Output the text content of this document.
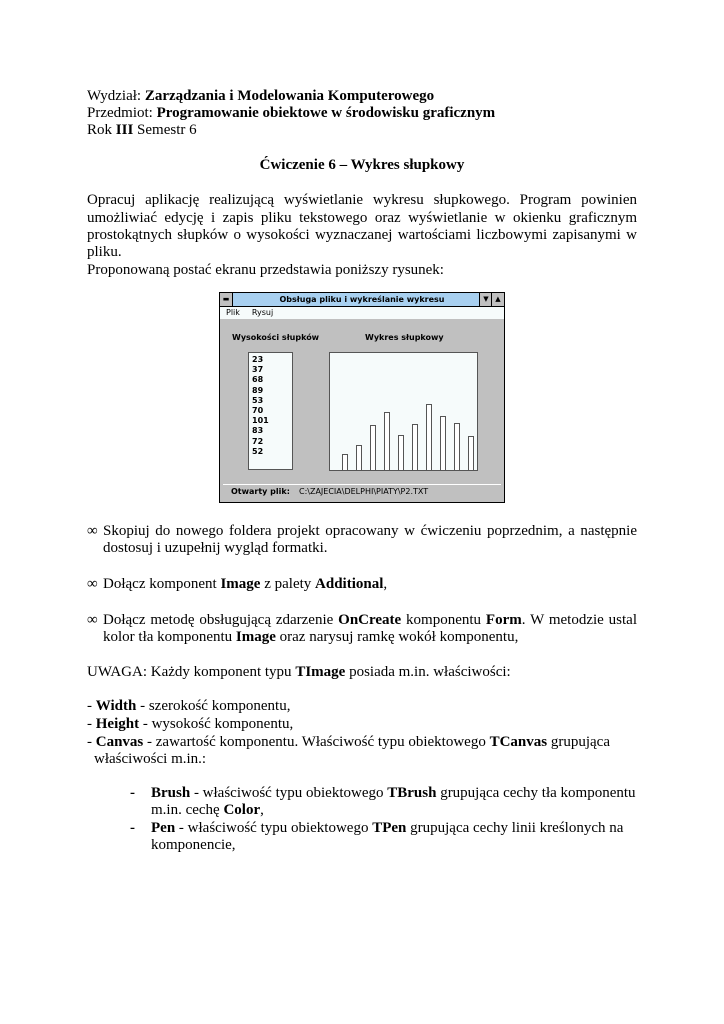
Wydział: Zarządzania i Modelowania Komputerowego
Przedmiot: Programowanie obiektowe w środowisku graficznym
Rok III Semestr 6
Ćwiczenie 6 – Wykres słupkowy
Opracuj aplikację realizującą wyświetlanie wykresu słupkowego. Program powinien
umożliwiać edycję i zapis pliku tekstowego oraz wyświetlanie w okienku graficznym
prostokątnych słupków o wysokości wyznaczanej wartościami liczbowymi zapisanymi w
pliku.
Proponowaną postać ekranu przedstawia poniższy rysunek:
▬	Obsługa pliku i wykreślanie wykresu	▼ ▲
Plik Rysuj
Wysokości słupków	Wykres słupkowy
23
37
68
89
53
70
101
83
72
52
Otwarty plik: C:\ZAJECIA\DELPHI\PIATY\P2.TXT
∞ Skopiuj do nowego foldera projekt opracowany w ćwiczeniu poprzednim, a następnie
dostosuj i uzupełnij wygląd formatki.
∞ Dołącz komponent Image z palety Additional,
∞ Dołącz metodę obsługującą zdarzenie OnCreate komponentu Form. W metodzie ustal
kolor tła komponentu Image oraz narysuj ramkę wokół komponentu,
UWAGA: Każdy komponent typu TImage posiada m.in. właściwości:
- Width - szerokość komponentu,
- Height - wysokość komponentu,
- Canvas - zawartość komponentu. Właściwość typu obiektowego TCanvas grupująca
właściwości m.in.:
- Brush - właściwość typu obiektowego TBrush grupująca cechy tła komponentu
m.in. cechę Color,
- Pen - właściwość typu obiektowego TPen grupująca cechy linii kreślonych na
komponencie,
